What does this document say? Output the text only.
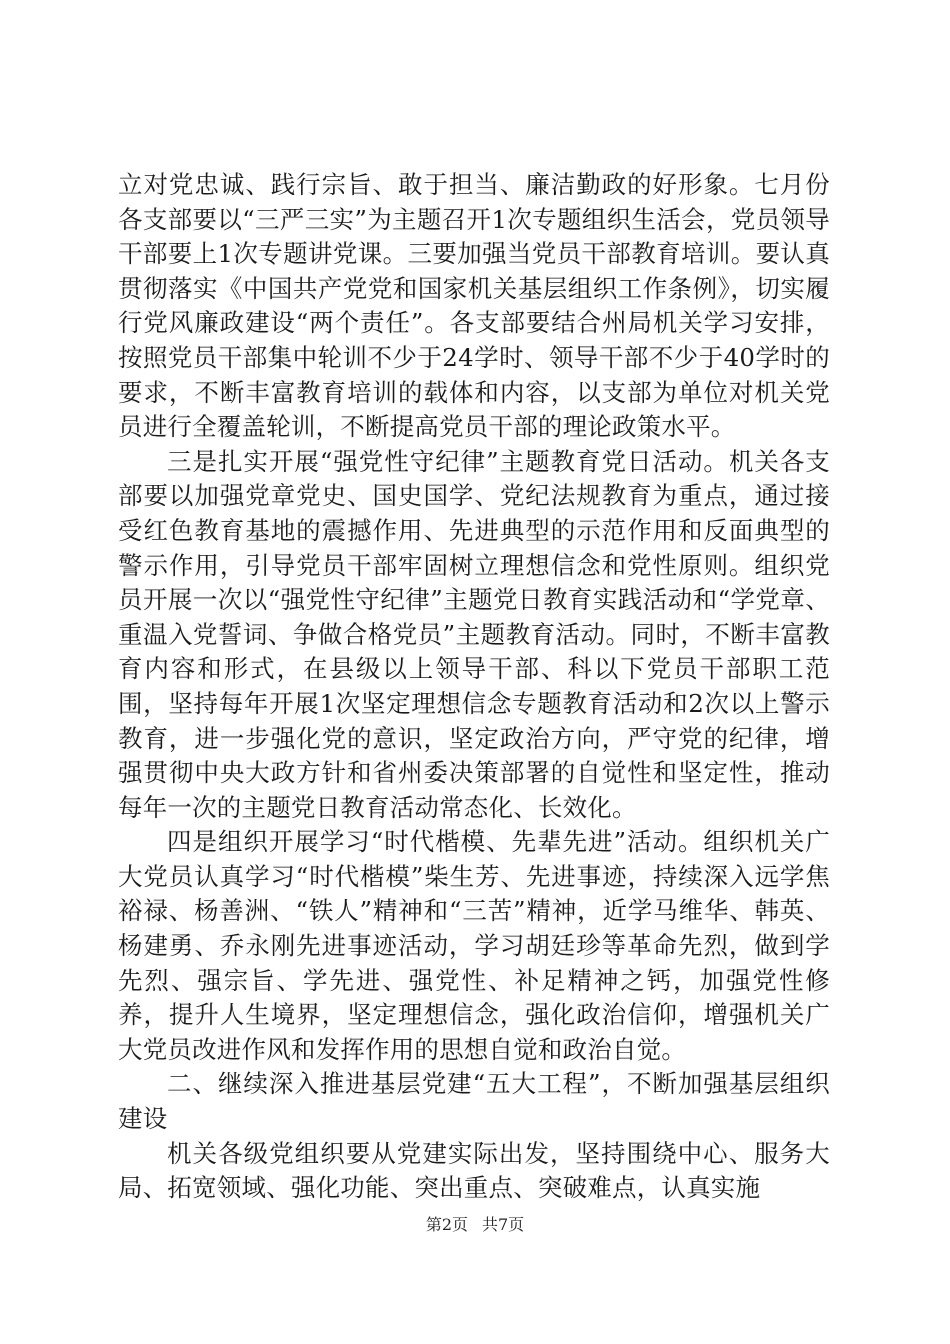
立对党忠诚、践行宗旨、敢于担当、廉洁勤政的好形象。七月份各支部要以“三严三实”为主题召开1次专题组织生活会，党员领导干部要上1次专题讲党课。三要加强当党员干部教育培训。要认真贯彻落实《中国共产党党和国家机关基层组织工作条例》，切实履行党风廉政建设“两个责任”。各支部要结合州局机关学习安排，按照党员干部集中轮训不少于24学时、领导干部不少于40学时的要求，不断丰富教育培训的载体和内容，以支部为单位对机关党员进行全覆盖轮训，不断提高党员干部的理论政策水平。

三是扎实开展“强党性守纪律”主题教育党日活动。机关各支部要以加强党章党史、国史国学、党纪法规教育为重点，通过接受红色教育基地的震撼作用、先进典型的示范作用和反面典型的警示作用，引导党员干部牢固树立理想信念和党性原则。组织党员开展一次以“强党性守纪律”主题党日教育实践活动和“学党章、重温入党誓词、争做合格党员”主题教育活动。同时，不断丰富教育内容和形式，在县级以上领导干部、科以下党员干部职工范围，坚持每年开展1次坚定理想信念专题教育活动和2次以上警示教育，进一步强化党的意识，坚定政治方向，严守党的纪律，增强贯彻中央大政方针和省州委决策部署的自觉性和坚定性，推动每年一次的主题党日教育活动常态化、长效化。

四是组织开展学习“时代楷模、先辈先进”活动。组织机关广大党员认真学习“时代楷模”柴生芳、先进事迹，持续深入远学焦裕禄、杨善洲、“铁人”精神和“三苦”精神，近学马维华、韩英、杨建勇、乔永刚先进事迹活动，学习胡廷珍等革命先烈，做到学先烈、强宗旨、学先进、强党性、补足精神之钙，加强党性修养，提升人生境界，坚定理想信念，强化政治信仰，增强机关广大党员改进作风和发挥作用的思想自觉和政治自觉。

二、继续深入推进基层党建“五大工程”，不断加强基层组织建设

机关各级党组织要从党建实际出发，坚持围绕中心、服务大局、拓宽领域、强化功能、突出重点、突破难点，认真实施

第2页 共7页
